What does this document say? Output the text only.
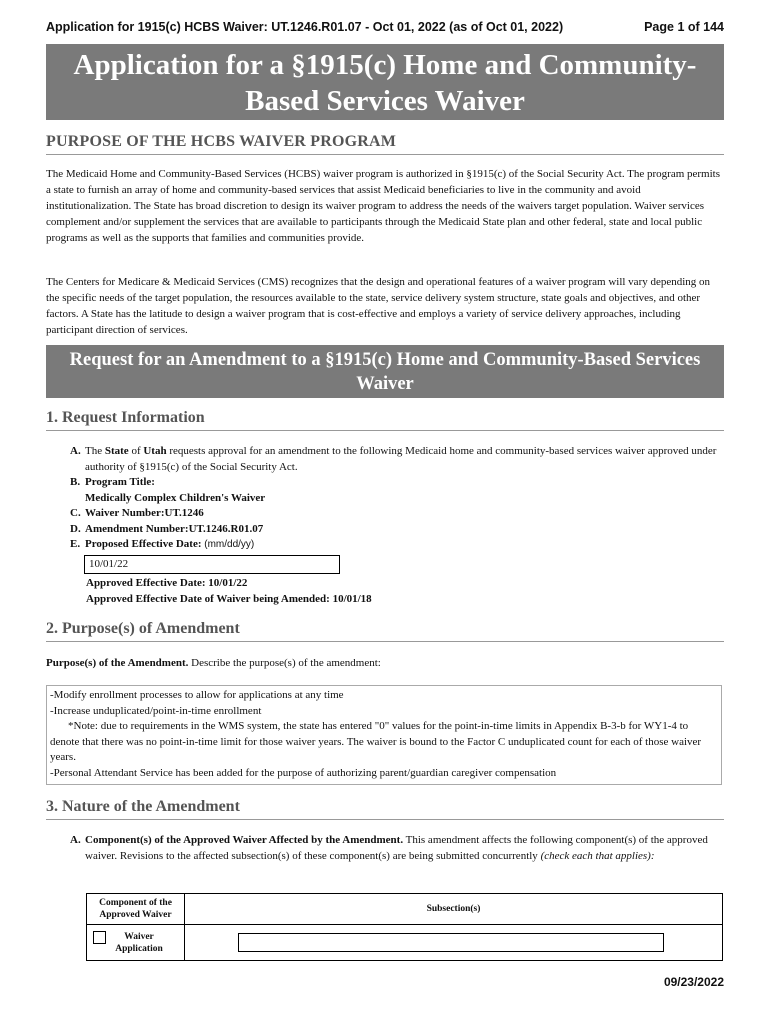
Application for 1915(c) HCBS Waiver: UT.1246.R01.07 - Oct 01, 2022 (as of Oct 01, 2022)	Page 1 of 144
Application for a §1915(c) Home and Community-
Based Services Waiver
PURPOSE OF THE HCBS WAIVER PROGRAM
The Medicaid Home and Community-Based Services (HCBS) waiver program is authorized in §1915(c) of the Social Security Act. The program permits a state to furnish an array of home and community-based services that assist Medicaid beneficiaries to live in the community and avoid institutionalization. The State has broad discretion to design its waiver program to address the needs of the waivers target population. Waiver services complement and/or supplement the services that are available to participants through the Medicaid State plan and other federal, state and local public programs as well as the supports that families and communities provide.
The Centers for Medicare & Medicaid Services (CMS) recognizes that the design and operational features of a waiver program will vary depending on the specific needs of the target population, the resources available to the state, service delivery system structure, state goals and objectives, and other factors. A State has the latitude to design a waiver program that is cost-effective and employs a variety of service delivery approaches, including participant direction of services.
Request for an Amendment to a §1915(c) Home and Community-Based Services
Waiver
1. Request Information
A. The State of Utah requests approval for an amendment to the following Medicaid home and community-based services waiver approved under authority of §1915(c) of the Social Security Act.
B. Program Title:
Medically Complex Children's Waiver
C. Waiver Number:UT.1246
D. Amendment Number:UT.1246.R01.07
E. Proposed Effective Date: (mm/dd/yy)
10/01/22
Approved Effective Date: 10/01/22
Approved Effective Date of Waiver being Amended: 10/01/18
2. Purpose(s) of Amendment
Purpose(s) of the Amendment. Describe the purpose(s) of the amendment:
-Modify enrollment processes to allow for applications at any time
-Increase unduplicated/point-in-time enrollment
*Note: due to requirements in the WMS system, the state has entered "0" values for the point-in-time limits in Appendix B-3-b for WY1-4 to denote that there was no point-in-time limit for those waiver years. The waiver is bound to the Factor C unduplicated count for each of those waiver years.
-Personal Attendant Service has been added for the purpose of authorizing parent/guardian caregiver compensation
3. Nature of the Amendment
A. Component(s) of the Approved Waiver Affected by the Amendment. This amendment affects the following component(s) of the approved waiver. Revisions to the affected subsection(s) of these component(s) are being submitted concurrently (check each that applies):
Component of the Approved Waiver	Subsection(s)
Waiver Application	
09/23/2022
